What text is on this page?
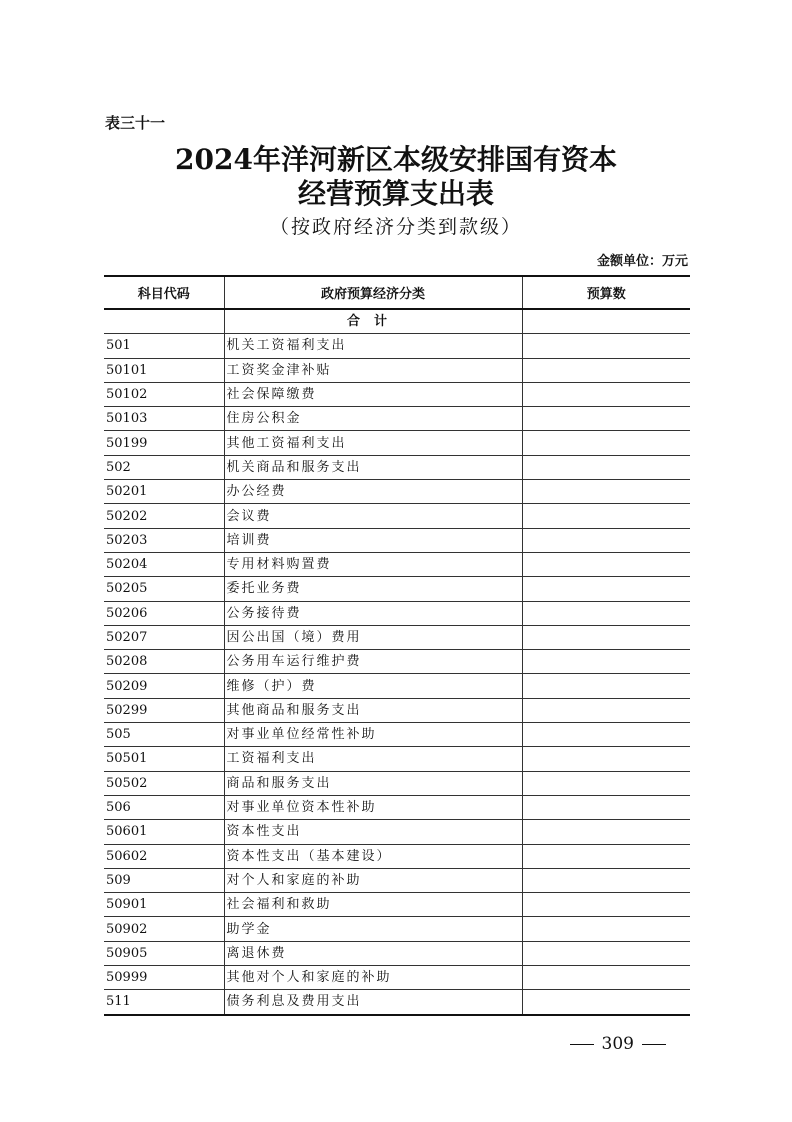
表三十一
2024年洋河新区本级安排国有资本
经营预算支出表
（按政府经济分类到款级）
金额单位：万元
科目代码	政府预算经济分类	预算数
	合计	
501	机关工资福利支出	
50101	工资奖金津补贴	
50102	社会保障缴费	
50103	住房公积金	
50199	其他工资福利支出	
502	机关商品和服务支出	
50201	办公经费	
50202	会议费	
50203	培训费	
50204	专用材料购置费	
50205	委托业务费	
50206	公务接待费	
50207	因公出国（境）费用	
50208	公务用车运行维护费	
50209	维修（护）费	
50299	其他商品和服务支出	
505	对事业单位经常性补助	
50501	工资福利支出	
50502	商品和服务支出	
506	对事业单位资本性补助	
50601	资本性支出	
50602	资本性支出（基本建设）	
509	对个人和家庭的补助	
50901	社会福利和救助	
50902	助学金	
50905	离退休费	
50999	其他对个人和家庭的补助	
511	债务利息及费用支出	
309
